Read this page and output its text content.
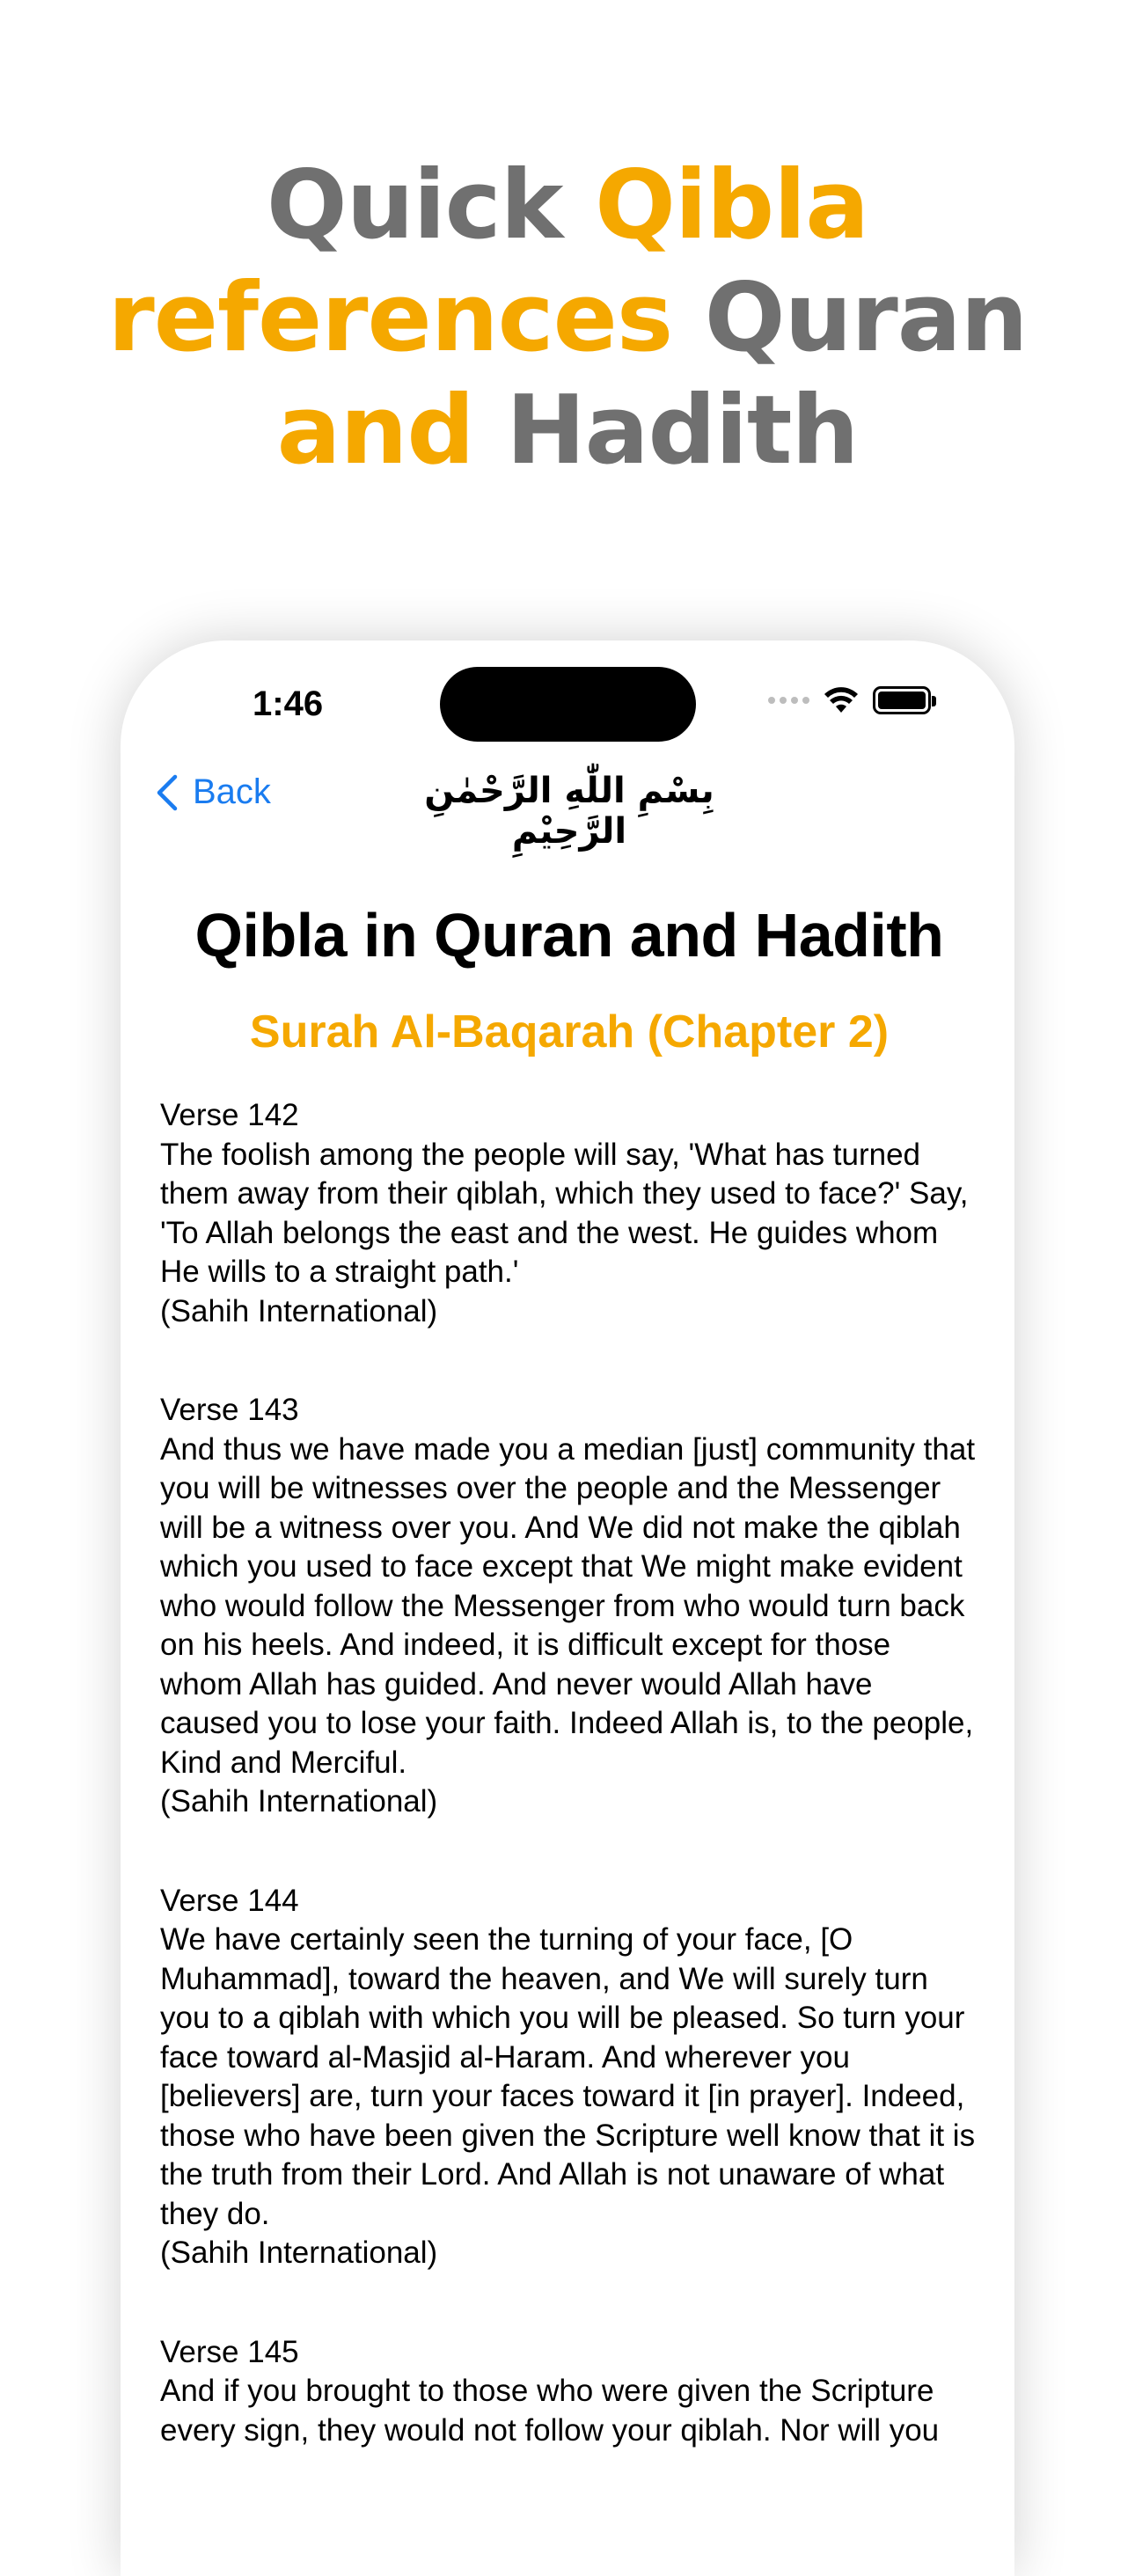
Quick Qibla
references Quran
and Hadith
1:46
Back	بِسْمِ اللّٰهِ الرَّحْمٰنِ الرَّحِيْمِ
Qibla in Quran and Hadith
Surah Al-Baqarah (Chapter 2)
Verse 142
The foolish among the people will say, 'What has turned them away from their qiblah, which they used to face?' Say, 'To Allah belongs the east and the west. He guides whom He wills to a straight path.'
(Sahih International)
Verse 143
And thus we have made you a median [just] community that you will be witnesses over the people and the Messenger will be a witness over you. And We did not make the qiblah which you used to face except that We might make evident who would follow the Messenger from who would turn back on his heels. And indeed, it is difficult except for those whom Allah has guided. And never would Allah have caused you to lose your faith. Indeed Allah is, to the people, Kind and Merciful.
(Sahih International)
Verse 144
We have certainly seen the turning of your face, [O Muhammad], toward the heaven, and We will surely turn you to a qiblah with which you will be pleased. So turn your face toward al-Masjid al-Haram. And wherever you [believers] are, turn your faces toward it [in prayer]. Indeed, those who have been given the Scripture well know that it is the truth from their Lord. And Allah is not unaware of what they do.
(Sahih International)
Verse 145
And if you brought to those who were given the Scripture every sign, they would not follow your qiblah. Nor will you
